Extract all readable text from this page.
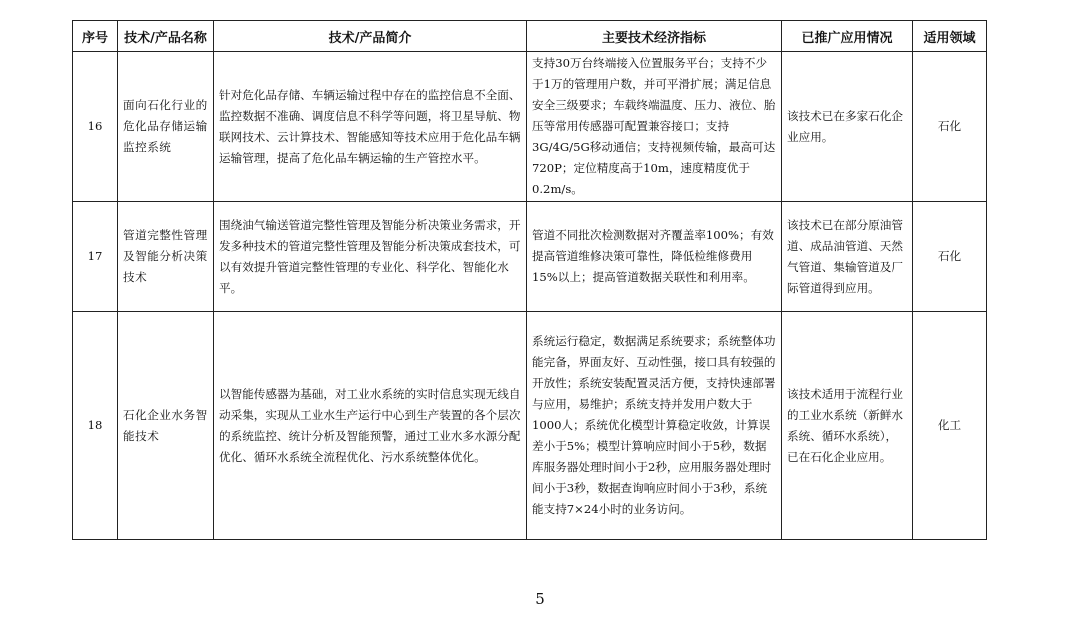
序号	技术/产品名称	技术/产品简介	主要技术经济指标	已推广应用情况	适用领域
16	面向石化行业的危化品存储运输监控系统	针对危化品存储、车辆运输过程中存在的监控信息不全面、监控数据不准确、调度信息不科学等问题，将卫星导航、物联网技术、云计算技术、智能感知等技术应用于危化品车辆运输管理，提高了危化品车辆运输的生产管控水平。	支持30万台终端接入位置服务平台；支持不少于1万的管理用户数，并可平滑扩展；满足信息安全三级要求；车载终端温度、压力、液位、胎压等常用传感器可配置兼容接口；支持3G/4G/5G移动通信；支持视频传输，最高可达720P；定位精度高于10m，速度精度优于0.2m/s。	该技术已在多家石化企业应用。	石化
17	管道完整性管理及智能分析决策技术	围绕油气输送管道完整性管理及智能分析决策业务需求，开发多种技术的管道完整性管理及智能分析决策成套技术，可以有效提升管道完整性管理的专业化、科学化、智能化水平。	管道不同批次检测数据对齐覆盖率100%；有效提高管道维修决策可靠性，降低检维修费用15%以上；提高管道数据关联性和利用率。	该技术已在部分原油管道、成品油管道、天然气管道、集输管道及厂际管道得到应用。	石化
18	石化企业水务智能技术	以智能传感器为基础，对工业水系统的实时信息实现无线自动采集，实现从工业水生产运行中心到生产装置的各个层次的系统监控、统计分析及智能预警，通过工业水多水源分配优化、循环水系统全流程优化、污水系统整体优化。	系统运行稳定，数据满足系统要求；系统整体功能完备，界面友好、互动性强，接口具有较强的开放性；系统安装配置灵活方便，支持快速部署与应用，易维护；系统支持并发用户数大于1000人；系统优化模型计算稳定收敛，计算误差小于5%；模型计算响应时间小于5秒，数据库服务器处理时间小于2秒，应用服务器处理时间小于3秒，数据查询响应时间小于3秒，系统能支持7×24小时的业务访问。	该技术适用于流程行业的工业水系统（新鲜水系统、循环水系统），已在石化企业应用。	化工
5
